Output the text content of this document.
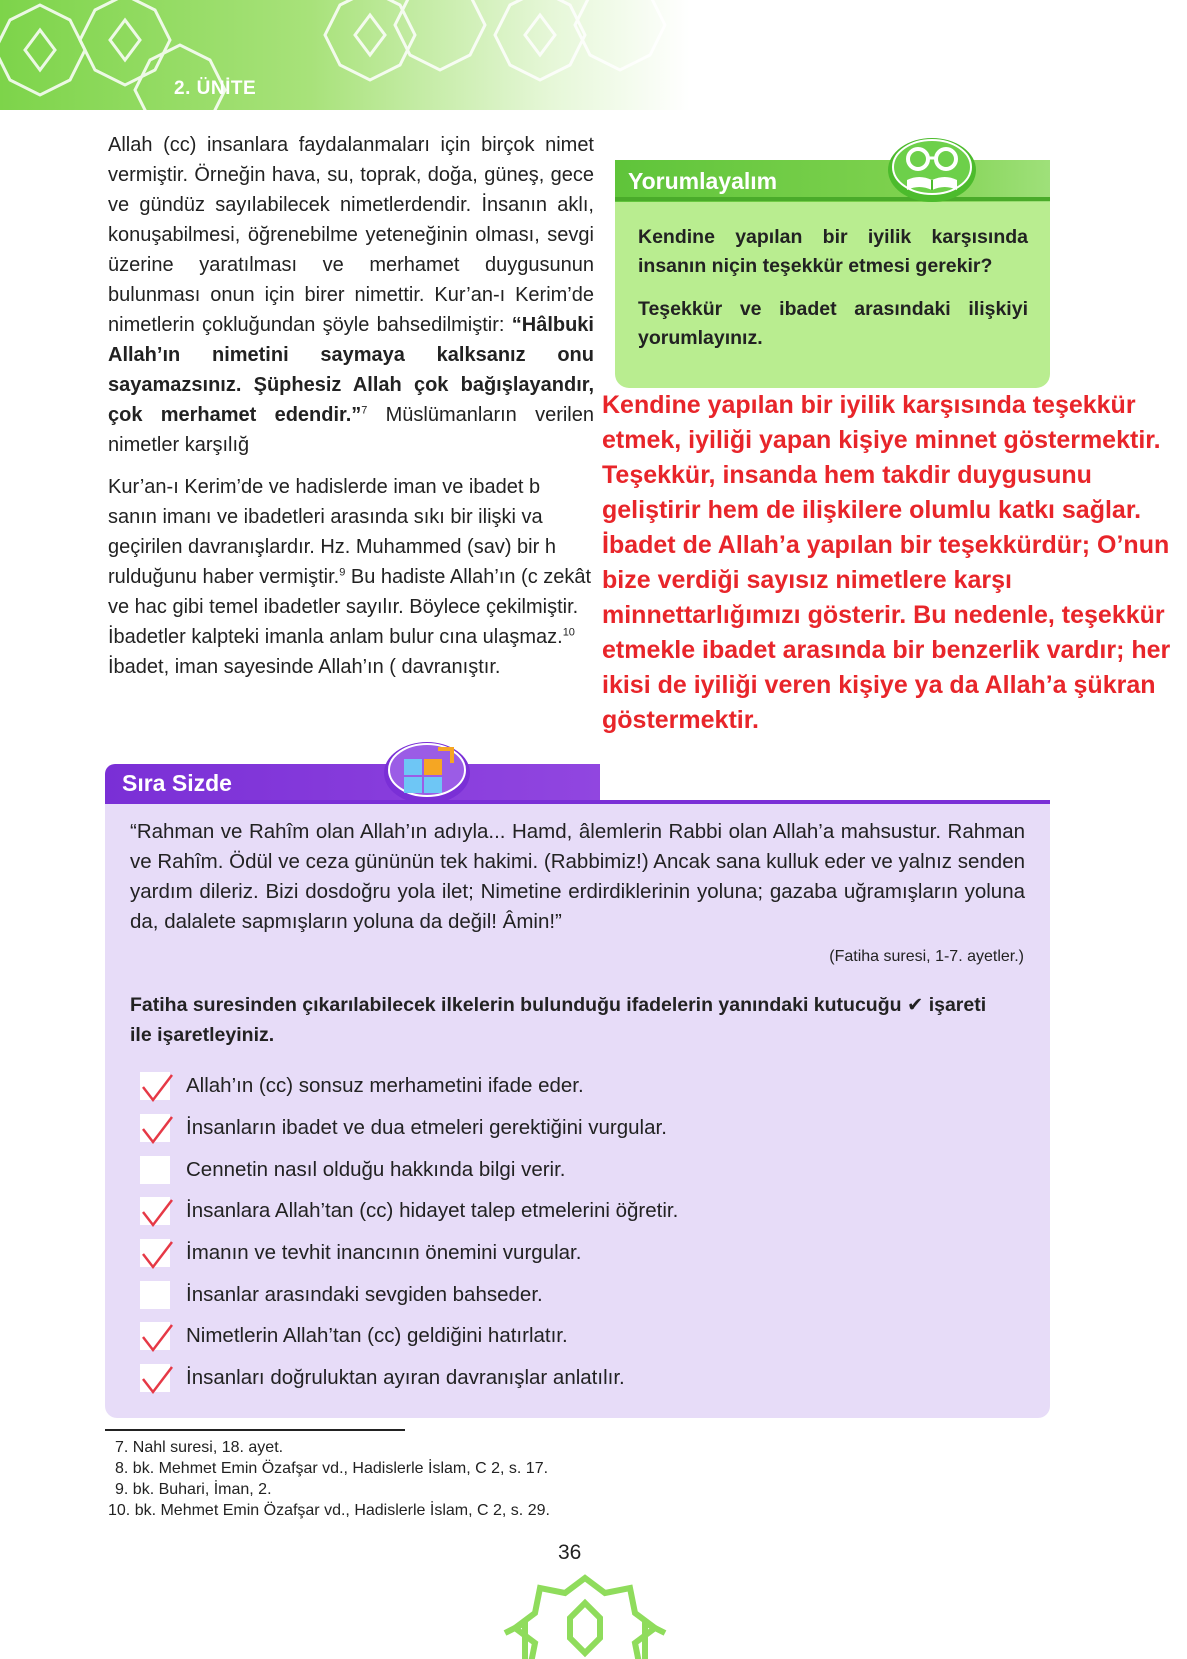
2. ÜNİTE

Allah (cc) insanlara faydalanmaları için birçok nimet vermiştir. Örneğin hava, su, toprak, doğa, güneş, gece ve gündüz sayılabilecek nimetlerdendir. İnsanın aklı, konuşabilmesi, öğrenebilme yeteneğinin olması, sevgi üzerine yaratılması ve merhamet duygusunun bulunması onun için birer nimettir. Kur’an-ı Kerim’de nimetlerin çokluğundan şöyle bahsedilmiştir: “Hâlbuki Allah’ın nimetini saymaya kalksanız onu sayamazsınız. Şüphesiz Allah çok bağışlayandır, çok merhamet edendir.”$^7$ Müslümanların verilen nimetler karşılığ

Kur’an-ı Kerim’de ve hadislerde iman ve ibadet b sanın imanı ve ibadetleri arasında sıkı bir ilişki va geçirilen davranışlardır. Hz. Muhammed (sav) bir h rulduğunu haber vermiştir.$^9$ Bu hadiste Allah’ın (c zekât ve hac gibi temel ibadetler sayılır. Böylece çekilmiştir. İbadetler kalpteki imanla anlam bulur cına ulaşmaz.$^{10}$ İbadet, iman sayesinde Allah’ın ( davranıştır.

Yorumlayalım

Kendine yapılan bir iyilik karşısında insanın niçin teşekkür etmesi gerekir?

Teşekkür ve ibadet arasındaki ilişkiyi yorumlayınız.

Kendine yapılan bir iyilik karşısında teşekkür etmek, iyiliği yapan kişiye minnet göstermektir. Teşekkür, insanda hem takdir duygusunu geliştirir hem de ilişkilere olumlu katkı sağlar. İbadet de Allah’a yapılan bir teşekkürdür; O’nun bize verdiği sayısız nimetlere karşı minnettarlığımızı gösterir. Bu nedenle, teşekkür etmekle ibadet arasında bir benzerlik vardır; her ikisi de iyiliği veren kişiye ya da Allah’a şükran göstermektir.

Sıra Sizde

“Rahman ve Rahîm olan Allah’ın adıyla... Hamd, âlemlerin Rabbi olan Allah’a mahsustur. Rahman ve Rahîm. Ödül ve ceza gününün tek hakimi. (Rabbimiz!) Ancak sana kulluk eder ve yalnız senden yardım dileriz. Bizi dosdoğru yola ilet; Nimetine erdirdiklerinin yoluna; gazaba uğramışların yoluna da, dalalete sapmışların yoluna da değil! Âmin!”

(Fatiha suresi, 1-7. ayetler.)

Fatiha suresinden çıkarılabilecek ilkelerin bulunduğu ifadelerin yanındaki kutucuğu ✔ işareti ile işaretleyiniz.

Allah’ın (cc) sonsuz merhametini ifade eder.
İnsanların ibadet ve dua etmeleri gerektiğini vurgular.
Cennetin nasıl olduğu hakkında bilgi verir.
İnsanlara Allah’tan (cc) hidayet talep etmelerini öğretir.
İmanın ve tevhit inancının önemini vurgular.
İnsanlar arasındaki sevgiden bahseder.
Nimetlerin Allah’tan (cc) geldiğini hatırlatır.
İnsanları doğruluktan ayıran davranışlar anlatılır.
7. Nahl suresi, 18. ayet.
8. bk. Mehmet Emin Özafşar vd., Hadislerle İslam, C 2, s. 17.
9. bk. Buhari, İman, 2.
10. bk. Mehmet Emin Özafşar vd., Hadislerle İslam, C 2, s. 29.
36
